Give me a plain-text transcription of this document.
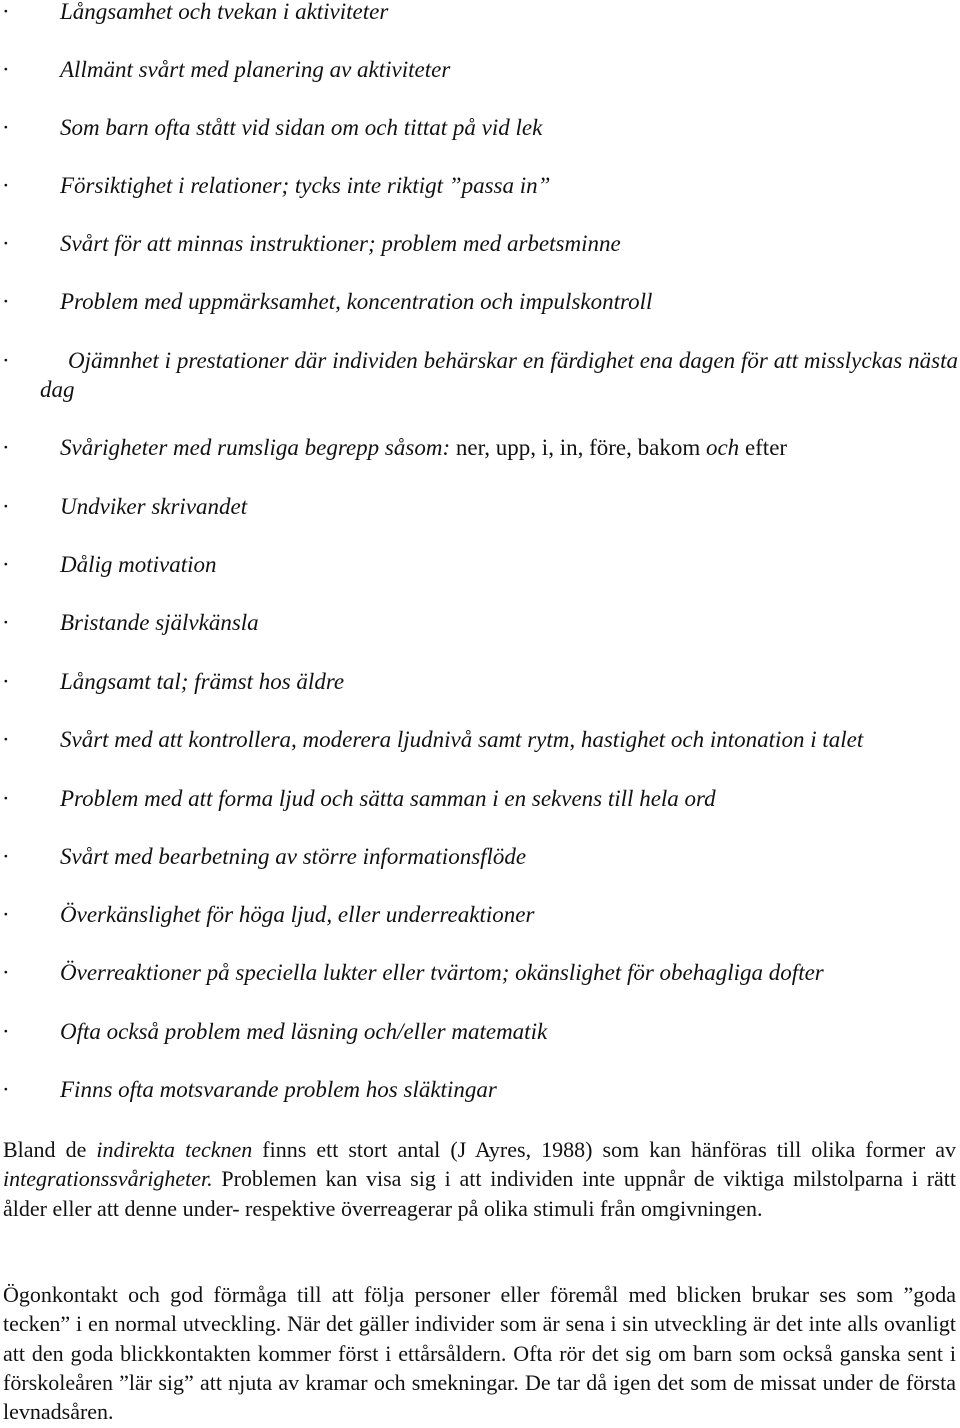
· Långsamhet och tvekan i aktiviteter
· Allmänt svårt med planering av aktiviteter
· Som barn ofta stått vid sidan om och tittat på vid lek
· Försiktighet i relationer; tycks inte riktigt ”passa in”
· Svårt för att minnas instruktioner; problem med arbetsminne
· Problem med uppmärksamhet, koncentration och impulskontroll
·	Ojämnhet i prestationer där individen behärskar en färdighet ena dagen för att misslyckas nästa dag
· Svårigheter med rumsliga begrepp såsom: ner, upp, i, in, före, bakom och efter
· Undviker skrivandet
· Dålig motivation
· Bristande självkänsla
· Långsamt tal; främst hos äldre
· Svårt med att kontrollera, moderera ljudnivå samt rytm, hastighet och intonation i talet
· Problem med att forma ljud och sätta samman i en sekvens till hela ord
· Svårt med bearbetning av större informationsflöde
· Överkänslighet för höga ljud, eller underreaktioner
· Överreaktioner på speciella lukter eller tvärtom; okänslighet för obehagliga dofter
· Ofta också problem med läsning och/eller matematik
· Finns ofta motsvarande problem hos släktingar

Bland de indirekta tecknen finns ett stort antal (J Ayres, 1988) som kan hänföras till olika former av integrationssvårigheter. Problemen kan visa sig i att individen inte uppnår de viktiga milstolparna i rätt ålder eller att denne under- respektive överreagerar på olika stimuli från omgivningen.

Ögonkontakt och god förmåga till att följa personer eller föremål med blicken brukar ses som ”goda tecken” i en normal utveckling. När det gäller individer som är sena i sin utveckling är det inte alls ovanligt att den goda blickkontakten kommer först i ettårsåldern. Ofta rör det sig om barn som också ganska sent i förskoleåren ”lär sig” att njuta av kramar och smekningar. De tar då igen det som de missat under de första levnadsåren.
